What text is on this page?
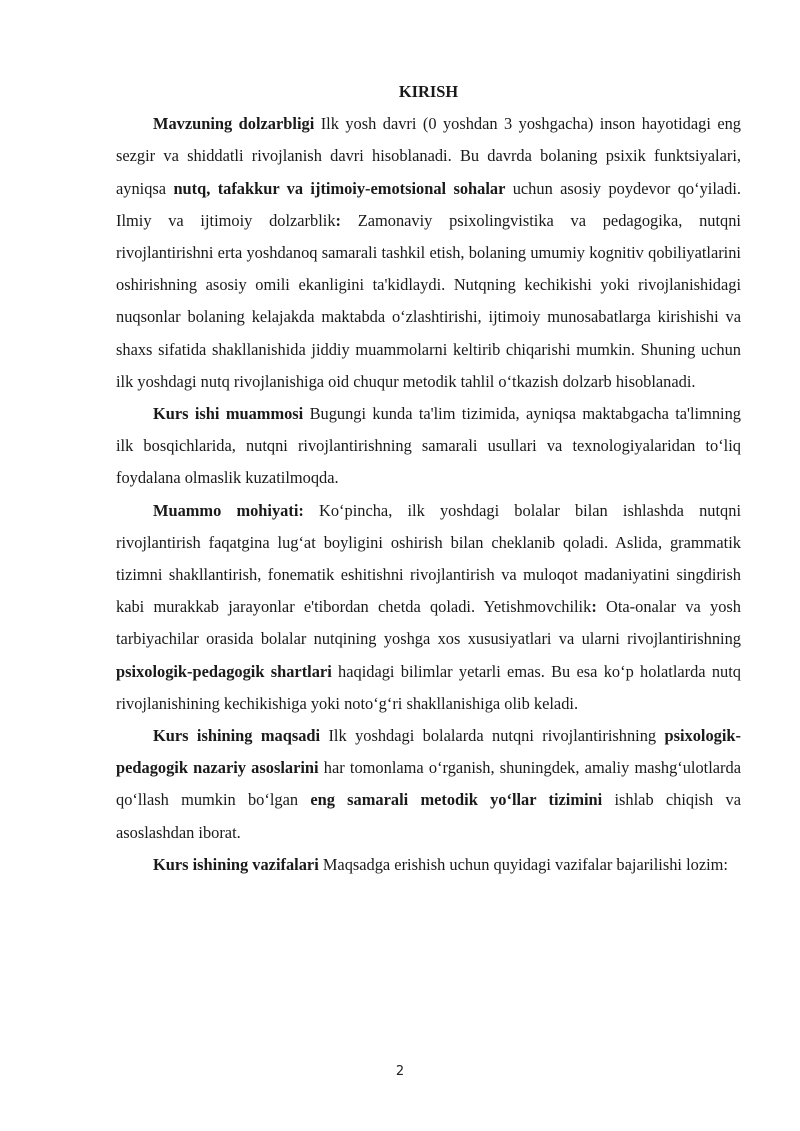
KIRISH

Mavzuning dolzarbligi Ilk yosh davri (0 yoshdan 3 yoshgacha) inson hayotidagi eng sezgir va shiddatli rivojlanish davri hisoblanadi. Bu davrda bolaning psixik funktsiyalari, ayniqsa nutq, tafakkur va ijtimoiy-emotsional sohalar uchun asosiy poydevor qo‘yiladi. Ilmiy va ijtimoiy dolzarblik: Zamonaviy psixolingvistika va pedagogika, nutqni rivojlantirishni erta yoshdanoq samarali tashkil etish, bolaning umumiy kognitiv qobiliyatlarini oshirishning asosiy omili ekanligini ta'kidlaydi. Nutqning kechikishi yoki rivojlanishidagi nuqsonlar bolaning kelajakda maktabda o‘zlashtirishi, ijtimoiy munosabatlarga kirishishi va shaxs sifatida shakllanishida jiddiy muammolarni keltirib chiqarishi mumkin. Shuning uchun ilk yoshdagi nutq rivojlanishiga oid chuqur metodik tahlil o‘tkazish dolzarb hisoblanadi.

Kurs ishi muammosi Bugungi kunda ta'lim tizimida, ayniqsa maktabgacha ta'limning ilk bosqichlarida, nutqni rivojlantirishning samarali usullari va texnologiyalaridan to‘liq foydalana olmaslik kuzatilmoqda.

Muammo mohiyati: Ko‘pincha, ilk yoshdagi bolalar bilan ishlashda nutqni rivojlantirish faqatgina lug‘at boyligini oshirish bilan cheklanib qoladi. Aslida, grammatik tizimni shakllantirish, fonematik eshitishni rivojlantirish va muloqot madaniyatini singdirish kabi murakkab jarayonlar e'tibordan chetda qoladi. Yetishmovchilik: Ota-onalar va yosh tarbiyachilar orasida bolalar nutqining yoshga xos xususiyatlari va ularni rivojlantirishning psixologik-pedagogik shartlari haqidagi bilimlar yetarli emas. Bu esa ko‘p holatlarda nutq rivojlanishining kechikishiga yoki noto‘g‘ri shakllanishiga olib keladi.

Kurs ishining maqsadi Ilk yoshdagi bolalarda nutqni rivojlantirishning psixologik-pedagogik nazariy asoslarini har tomonlama o‘rganish, shuningdek, amaliy mashg‘ulotlarda qo‘llash mumkin bo‘lgan eng samarali metodik yo‘llar tizimini ishlab chiqish va asoslashdan iborat.

Kurs ishining vazifalari Maqsadga erishish uchun quyidagi vazifalar bajarilishi lozim:

2
